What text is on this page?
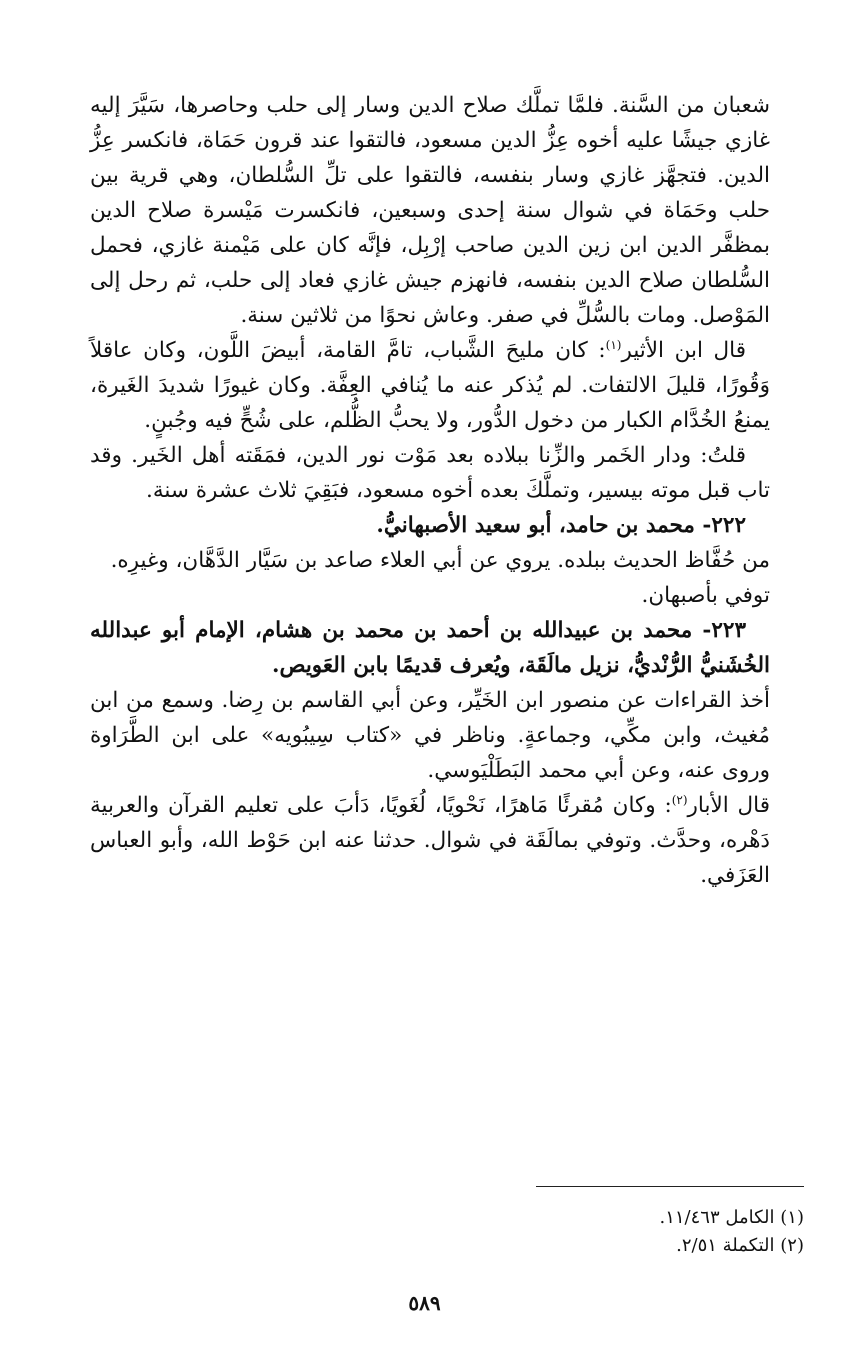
شعبان من السَّنة. فلمَّا تملَّك صلاح الدين وسار إلى حلب وحاصرها، سَيَّرَ إليه غازي جيشًا عليه أخوه عِزُّ الدين مسعود، فالتقوا عند قرون حَمَاة، فانكسر عِزُّ الدين. فتجهَّز غازي وسار بنفسه، فالتقوا على تلِّ السُّلطان، وهي قرية بين حلب وحَمَاة في شوال سنة إحدى وسبعين، فانكسرت مَيْسرة صلاح الدين بمظفَّر الدين ابن زين الدين صاحب إرْبِل، فإنَّه كان على مَيْمنة غازي، فحمل السُّلطان صلاح الدين بنفسه، فانهزم جيش غازي فعاد إلى حلب، ثم رحل إلى المَوْصل. ومات بالسُّلِّ في صفر. وعاش نحوًا من ثلاثين سنة.

قال ابن الأثير$^{(١)}$: كان مليحَ الشَّباب، تامَّ القامة، أبيضَ اللَّون، وكان عاقلاً وَقُورًا، قليلَ الالتفات. لم يُذكر عنه ما يُنافي العِفَّة. وكان غيورًا شديدَ الغَيرة، يمنعُ الخُدَّام الكبار من دخول الدُّور، ولا يحبُّ الظُّلم، على شُحٍّ فيه وجُبنٍ.

قلتُ: ودار الخَمر والزِّنا ببلاده بعد مَوْت نور الدين، فمَقَته أهل الخَير. وقد تاب قبل موته بيسير، وتملَّكَ بعده أخوه مسعود، فبَقِيَ ثلاث عشرة سنة.

٢٢٢- محمد بن حامد، أبو سعيد الأصبهانيُّ.

من حُفَّاظ الحديث ببلده. يروي عن أبي العلاء صاعد بن سَيَّار الدَّهَّان، وغيرِه.

توفي بأصبهان.

٢٢٣- محمد بن عبيدالله بن أحمد بن محمد بن هشام، الإمام أبو عبدالله الخُشَنيُّ الرُّنْديُّ، نزيل مالَقَة، ويُعرف قديمًا بابن العَويص.

أخذ القراءات عن منصور ابن الخَيِّر، وعن أبي القاسم بن رِضا. وسمع من ابن مُغيث، وابن مكِّي، وجماعةٍ. وناظر في «كتاب سِيبُويه» على ابن الطَّرَاوة وروى عنه، وعن أبي محمد البَطَلْيَوسي.

قال الأبار$^{(٢)}$: وكان مُقرئًا مَاهرًا، نَحْويًا، لُغَويًا، دَأبَ على تعليم القرآن والعربية دَهْره، وحدَّث. وتوفي بمالَقَة في شوال. حدثنا عنه ابن حَوْط الله، وأبو العباس العَزَفي.

(١) الكامل ١١/٤٦٣.
(٢) التكملة ٢/٥١.
٥٨٩
